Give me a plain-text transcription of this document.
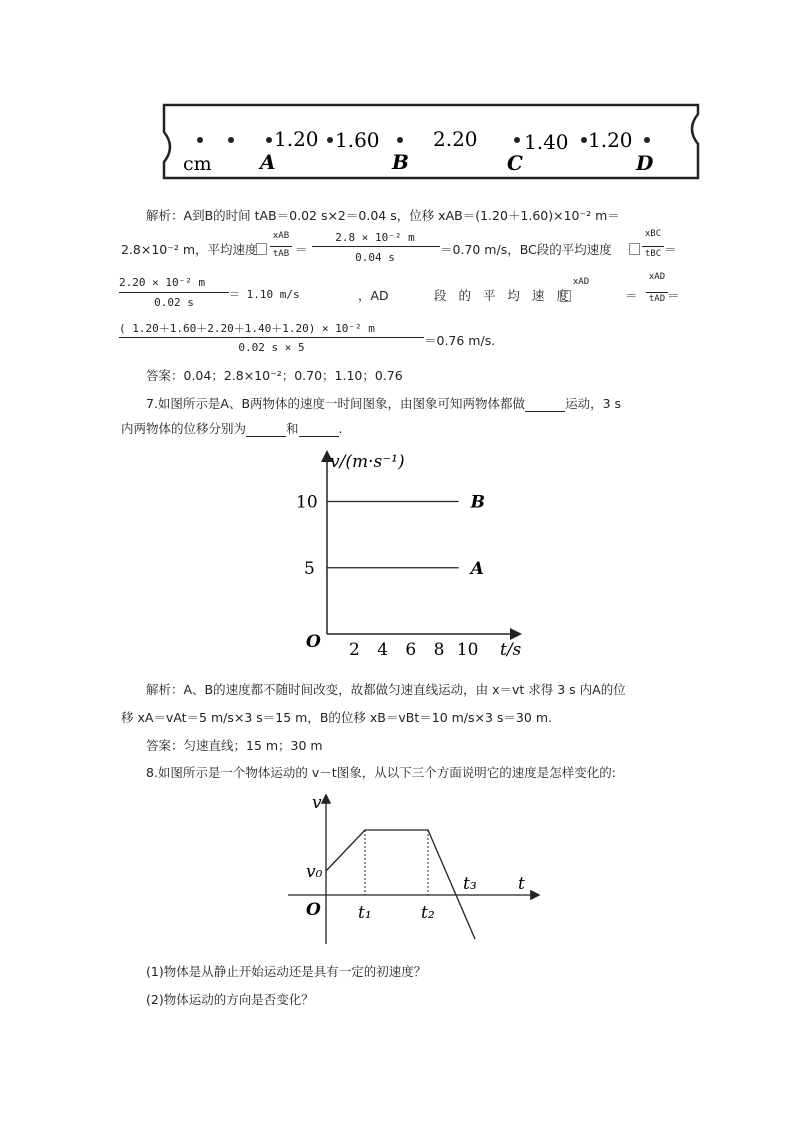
1.20 1.60	2.20 1.40 1.20
cm A	B	C	D
解析：A到B的时间 tAB＝0.02 s×2＝0.04 s，位移 xAB＝(1.20＋1.60)×10⁻² m＝
2.8×10⁻² m，平均速度
xAB
tAB ＝
2.8 × 10⁻² m
0.04 s
＝0.70 m/s，BC段的平均速度
xBC
tBC ＝
2.20 × 10⁻² m
0.02 s
＝ 1.10 m/s	，AD	段 的 平 均 速 度
xAD
＝
xAD
tAD ＝
( 1.20＋1.60＋2.20＋1.40＋1.20) × 10⁻² m
0.02 s × 5	＝0.76 m/s.
答案：0.04；2.8×10⁻²；0.70；1.10；0.76
7.如图所示是A、B两物体的速度一时间图象，由图象可知两物体都做	运动，3 s
内两物体的位移分别为	和	.
v/(m·s⁻¹)
t/s
O 2 4 6 8 10
5
10
A
B
解析：A、B的速度都不随时间改变，故都做匀速直线运动，由 x＝vt 求得 3 s 内A的位
移 xA＝vAt＝5 m/s×3 s＝15 m，B的位移 xB＝vBt＝10 m/s×3 s＝30 m.
答案：匀速直线；15 m；30 m
8.如图所示是一个物体运动的 v－t图象，从以下三个方面说明它的速度是怎样变化的:
v
t
O
v₀
t₁	t₂
t₃
(1)物体是从静止开始运动还是具有一定的初速度？
(2)物体运动的方向是否变化？
